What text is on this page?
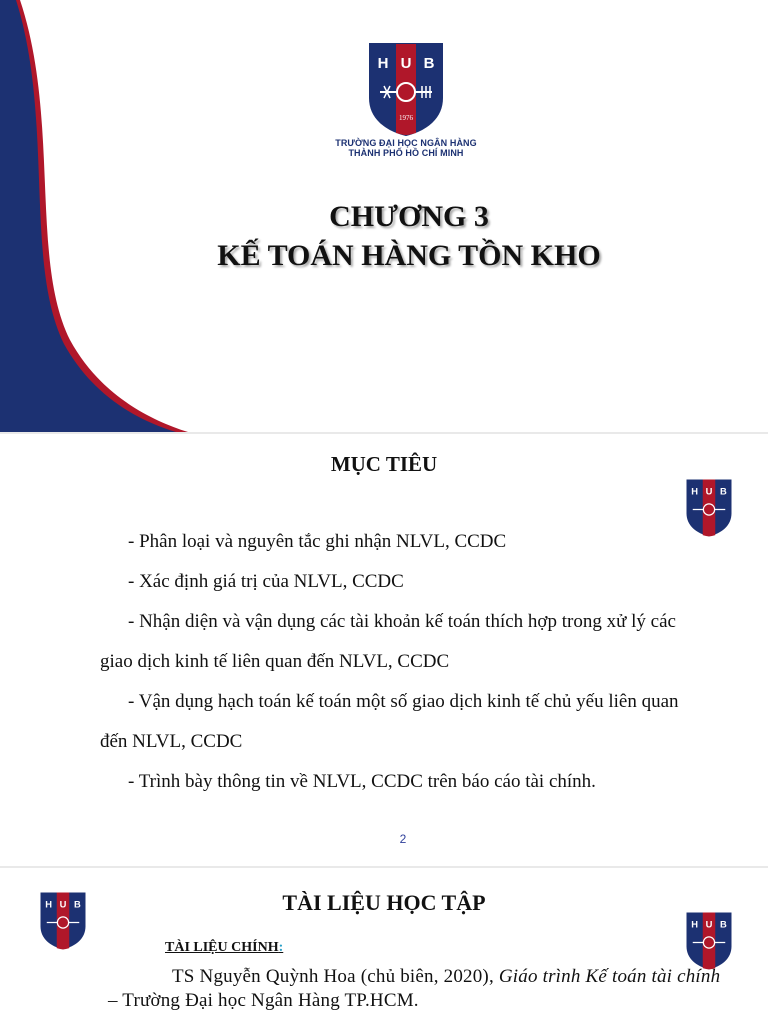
H U B
1976
TRƯỜNG ĐẠI HỌC NGÂN HÀNG
THÀNH PHỐ HỒ CHÍ MINH
CHƯƠNG 3
KẾ TOÁN HÀNG TỒN KHO
MỤC TIÊU
H U B
- Phân loại và nguyên tắc ghi nhận NLVL, CCDC
- Xác định giá trị của NLVL, CCDC
- Nhận diện và vận dụng các tài khoản kế toán thích hợp trong xử lý các giao dịch kinh tế liên quan đến NLVL, CCDC
- Vận dụng hạch toán kế toán một số giao dịch kinh tế chủ yếu liên quan đến NLVL, CCDC
- Trình bày thông tin về NLVL, CCDC trên báo cáo tài chính.
2
H U B	TÀI LIỆU HỌC TẬP
H U B
TÀI LIỆU CHÍNH:
TS Nguyễn Quỳnh Hoa (chủ biên, 2020), Giáo trình Kế toán tài chính – Trường Đại học Ngân Hàng TP.HCM.
